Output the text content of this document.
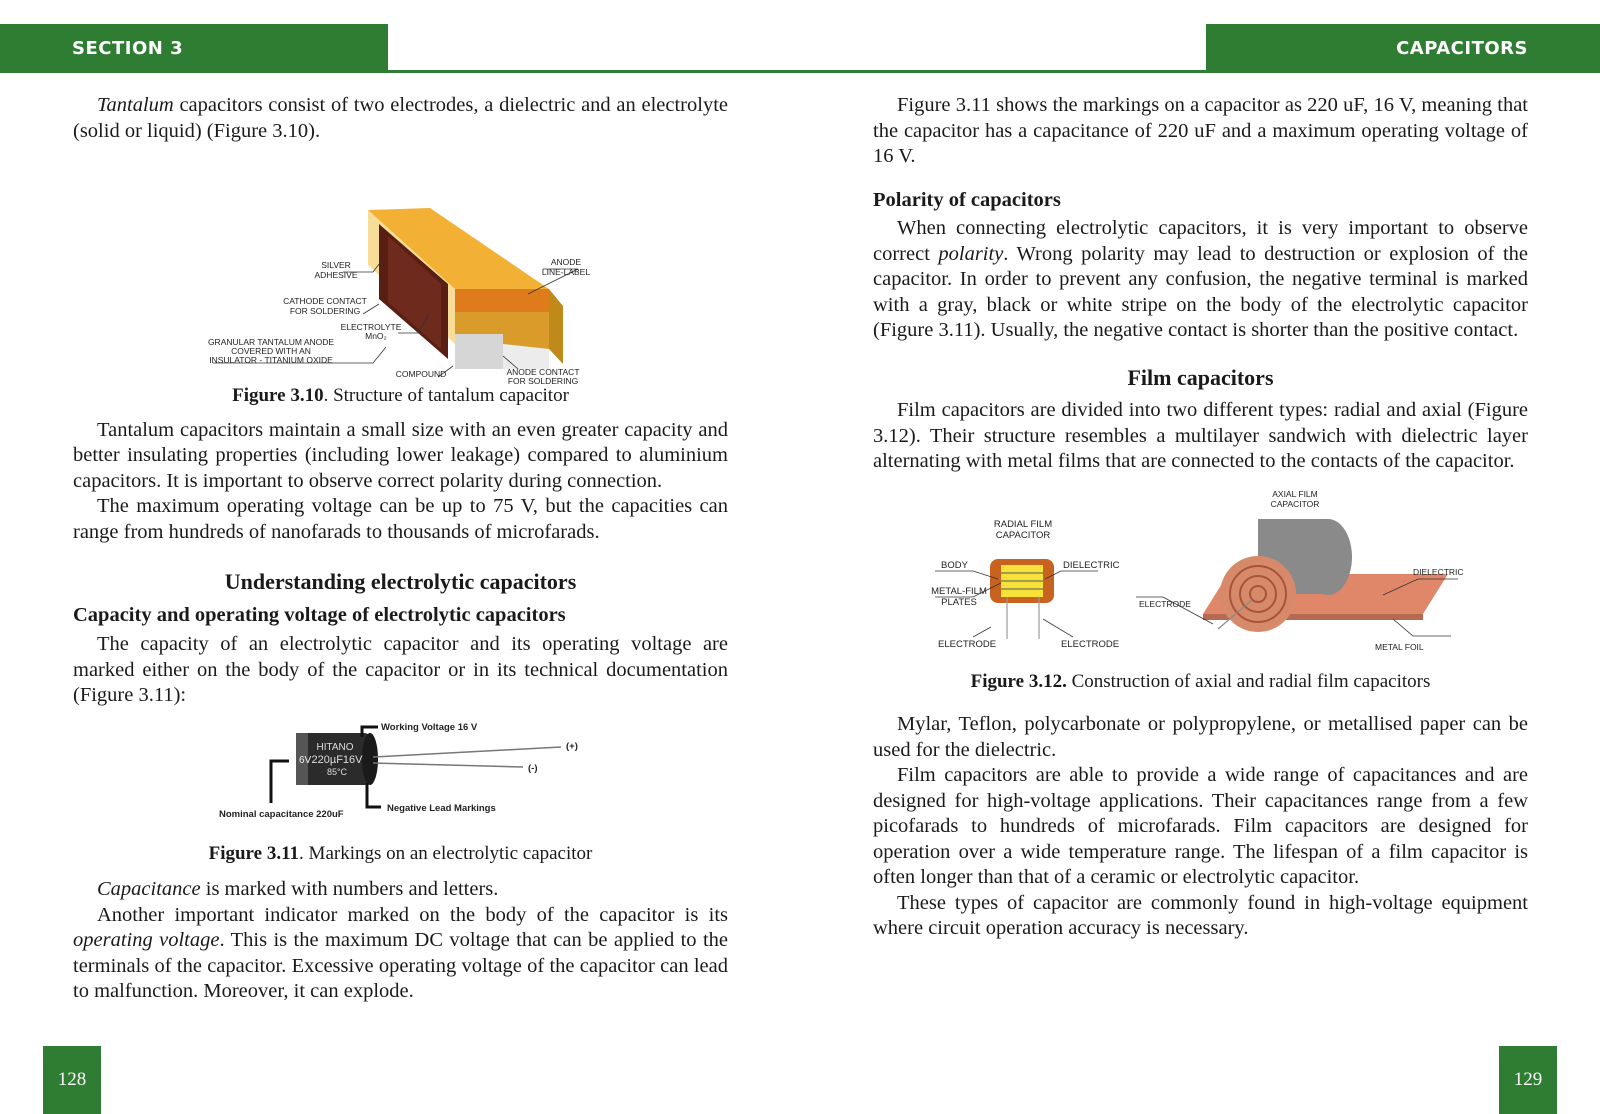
SECTION 3	CAPACITORS

Tantalum capacitors consist of two electrodes, a dielectric and an electrolyte (solid or liquid) (Figure 3.10).

SILVER
ADHESIVE
CATHODE CONTACT
FOR SOLDERING
ELECTROLYTE
MnO₂
GRANULAR TANTALUM ANODE
COVERED WITH AN
INSULATOR - TITANIUM OXIDE
COMPOUND
ANODE
LINE-LABEL
ANODE CONTACT
FOR SOLDERING

Figure 3.10. Structure of tantalum capacitor

Tantalum capacitors maintain a small size with an even greater capacity and better insulating properties (including lower leakage) compared to aluminium capacitors. It is important to observe correct polarity during connection.

The maximum operating voltage can be up to 75 V, but the capacities can range from hundreds of nanofarads to thousands of microfarads.

Understanding electrolytic capacitors

Capacity and operating voltage of electrolytic capacitors

The capacity of an electrolytic capacitor and its operating voltage are marked either on the body of the capacitor or in its technical documentation (Figure 3.11):

HITANO
220µF16V
85°C
6V
Working Voltage 16 V
(+)
(-)
Negative Lead Markings
Nominal capacitance 220uF

Figure 3.11. Markings on an electrolytic capacitor

Capacitance is marked with numbers and letters.

Another important indicator marked on the body of the capacitor is its operating voltage. This is the maximum DC voltage that can be applied to the terminals of the capacitor. Excessive operating voltage of the capacitor can lead to malfunction. Moreover, it can explode.

Figure 3.11 shows the markings on a capacitor as 220 uF, 16 V, meaning that the capacitor has a capacitance of 220 uF and a maximum operating voltage of 16 V.

Polarity of capacitors

When connecting electrolytic capacitors, it is very important to observe correct polarity. Wrong polarity may lead to destruction or explosion of the capacitor. In order to prevent any confusion, the negative terminal is marked with a gray, black or white stripe on the body of the electrolytic capacitor (Figure 3.11). Usually, the negative contact is shorter than the positive contact.

Film capacitors

Film capacitors are divided into two different types: radial and axial (Figure 3.12). Their structure resembles a multilayer sandwich with dielectric layer alternating with metal films that are connected to the contacts of the capacitor.

RADIAL FILM
CAPACITOR
AXIAL FILM
CAPACITOR
BODY	DIELECTRIC
METAL-FILM
PLATES
ELECTRODE	ELECTRODE
ELECTRODE
DIELECTRIC
METAL FOIL

Figure 3.12. Construction of axial and radial film capacitors

Mylar, Teflon, polycarbonate or polypropylene, or metallised paper can be used for the dielectric.

Film capacitors are able to provide a wide range of capacitances and are designed for high-voltage applications. Their capacitances range from a few picofarads to hundreds of microfarads. Film capacitors are designed for operation over a wide temperature range. The lifespan of a film capacitor is often longer than that of a ceramic or electrolytic capacitor.

These types of capacitor are commonly found in high-voltage equipment where circuit operation accuracy is necessary.

128	129
